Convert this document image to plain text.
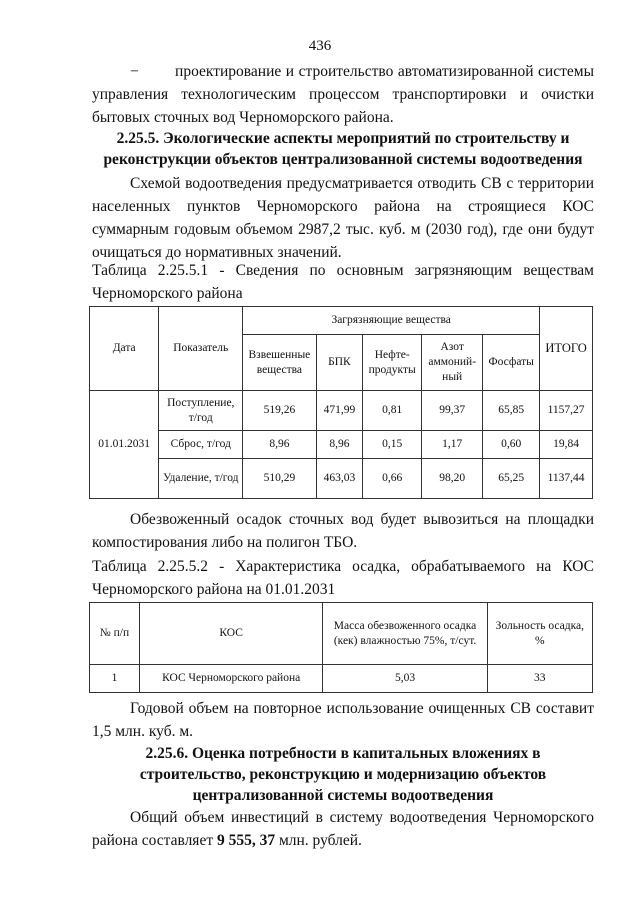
436

−        проектирование и строительство автоматизированной системы управления технологическим процессом транспортировки и очистки бытовых сточных вод Черноморского района.

2.25.5. Экологические аспекты мероприятий по строительству и реконструкции объектов централизованной системы водоотведения

Схемой водоотведения предусматривается отводить СВ с территории населенных пунктов Черноморского района на строящиеся КОС суммарным годовым объемом 2987,2 тыс. куб. м (2030 год), где они будут очищаться до нормативных значений.

Таблица 2.25.5.1 - Сведения по основным загрязняющим веществам Черноморского района

Дата	Показатель	Загрязняющие вещества					ИТОГО
		Взвешенные вещества	БПК	Нефте-продукты	Азот аммоний-ный	Фосфаты	
01.01.2031	Поступление, т/год	519,26	471,99	0,81	99,37	65,85	1157,27
	Сброс, т/год	8,96	8,96	0,15	1,17	0,60	19,84
	Удаление, т/год	510,29	463,03	0,66	98,20	65,25	1137,44

Обезвоженный осадок сточных вод будет вывозиться на площадки компостирования либо на полигон ТБО.

Таблица 2.25.5.2 - Характеристика осадка, обрабатываемого на КОС Черноморского района на 01.01.2031

№ п/п	КОС	Масса обезвоженного осадка (кек) влажностью 75%, т/сут.	Зольность осадка, %
1	КОС Черноморского района	5,03	33

Годовой объем на повторное использование очищенных СВ составит 1,5 млн. куб. м.

2.25.6. Оценка потребности в капитальных вложениях в строительство, реконструкцию и модернизацию объектов централизованной системы водоотведения

Общий объем инвестиций в систему водоотведения Черноморского района составляет 9 555, 37 млн. рублей.
